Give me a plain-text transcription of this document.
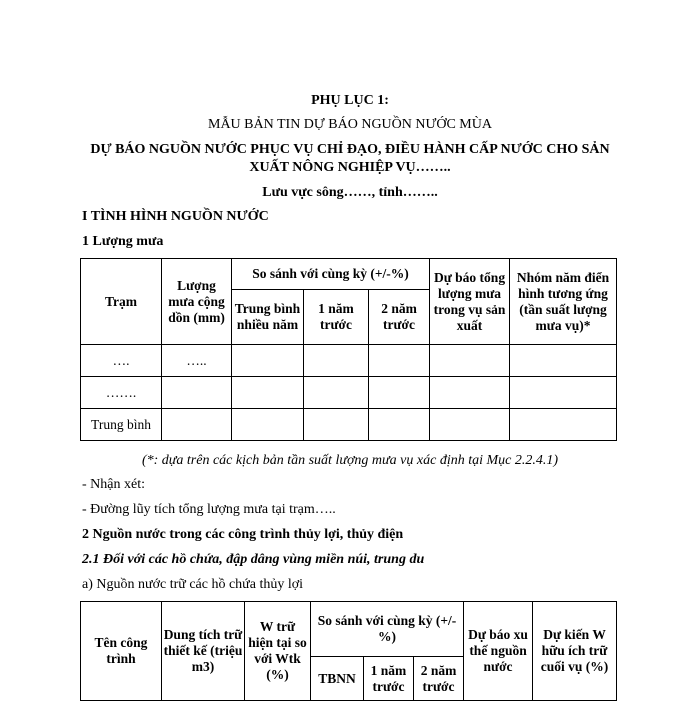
PHỤ LỤC 1:
MẪU BẢN TIN DỰ BÁO NGUỒN NƯỚC MÙA
DỰ BÁO NGUỒN NƯỚC PHỤC VỤ CHỈ ĐẠO, ĐIỀU HÀNH CẤP NƯỚC CHO SẢN
XUẤT NÔNG NGHIỆP VỤ……..
Lưu vực sông……, tỉnh……..
I TÌNH HÌNH NGUỒN NƯỚC
1 Lượng mưa
Trạm	Lượng mưa cộng dồn (mm)	So sánh với cùng kỳ (+/-%)			Dự báo tổng lượng mưa trong vụ sản xuất	Nhóm năm điển hình tương ứng (tần suất lượng mưa vụ)*
		Trung bình nhiều năm	1 năm trước	2 năm trước		
….	…..					
…….						
Trung bình						
(*: dựa trên các kịch bản tần suất lượng mưa vụ xác định tại Mục 2.2.4.1)
- Nhận xét:
- Đường lũy tích tổng lượng mưa tại trạm…..
2 Nguồn nước trong các công trình thủy lợi, thủy điện
2.1 Đối với các hồ chứa, đập dâng vùng miền núi, trung du
a) Nguồn nước trữ các hồ chứa thủy lợi
Tên công trình	Dung tích trữ thiết kế (triệu m3)	W trữ hiện tại so với Wtk (%)	So sánh với cùng kỳ (+/-%)			Dự báo xu thế nguồn nước	Dự kiến W hữu ích trữ cuối vụ (%)
			TBNN	1 năm trước	2 năm trước		
